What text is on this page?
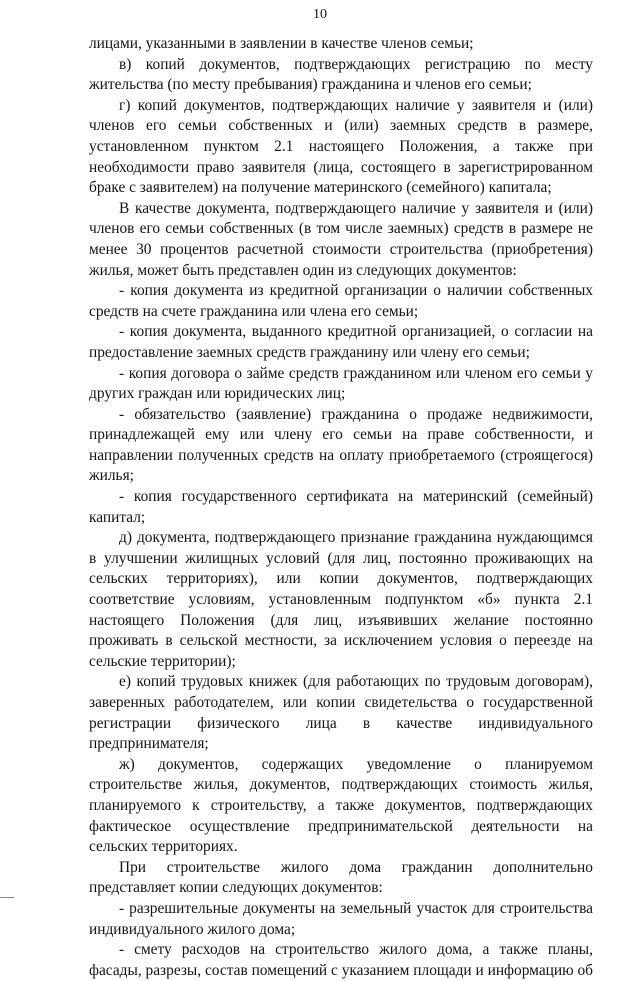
10

лицами, указанными в заявлении в качестве членов семьи;

в) копий документов, подтверждающих регистрацию по месту жительства (по месту пребывания) гражданина и членов его семьи;

г) копий документов, подтверждающих наличие у заявителя и (или) членов его семьи собственных и (или) заемных средств в размере, установленном пунктом 2.1 настоящего Положения, а также при необходимости право заявителя (лица, состоящего в зарегистрированном браке с заявителем) на получение материнского (семейного) капитала;

В качестве документа, подтверждающего наличие у заявителя и (или) членов его семьи собственных (в том числе заемных) средств в размере не менее 30 процентов расчетной стоимости строительства (приобретения) жилья, может быть представлен один из следующих документов:

- копия документа из кредитной организации о наличии собственных средств на счете гражданина или члена его семьи;

- копия документа, выданного кредитной организацией, о согласии на предоставление заемных средств гражданину или члену его семьи;

- копия договора о займе средств гражданином или членом его семьи у других граждан или юридических лиц;

- обязательство (заявление) гражданина о продаже недвижимости, принадлежащей ему или члену его семьи на праве собственности, и направлении полученных средств на оплату приобретаемого (строящегося) жилья;

- копия государственного сертификата на материнский (семейный) капитал;

д) документа, подтверждающего признание гражданина нуждающимся в улучшении жилищных условий (для лиц, постоянно проживающих на сельских территориях), или копии документов, подтверждающих соответствие условиям, установленным подпунктом «б» пункта 2.1 настоящего Положения (для лиц, изъявивших желание постоянно проживать в сельской местности, за исключением условия о переезде на сельские территории);

е) копий трудовых книжек (для работающих по трудовым договорам), заверенных работодателем, или копии свидетельства о государственной регистрации физического лица в качестве индивидуального предпринимателя;

ж) документов, содержащих уведомление о планируемом строительстве жилья, документов, подтверждающих стоимость жилья, планируемого к строительству, а также документов, подтверждающих фактическое осуществление предпринимательской деятельности на сельских территориях.

При строительстве жилого дома гражданин дополнительно представляет копии следующих документов:

- разрешительные документы на земельный участок для строительства индивидуального жилого дома;

- смету расходов на строительство жилого дома, а также планы, фасады, разрезы, состав помещений с указанием площади и информацию об
